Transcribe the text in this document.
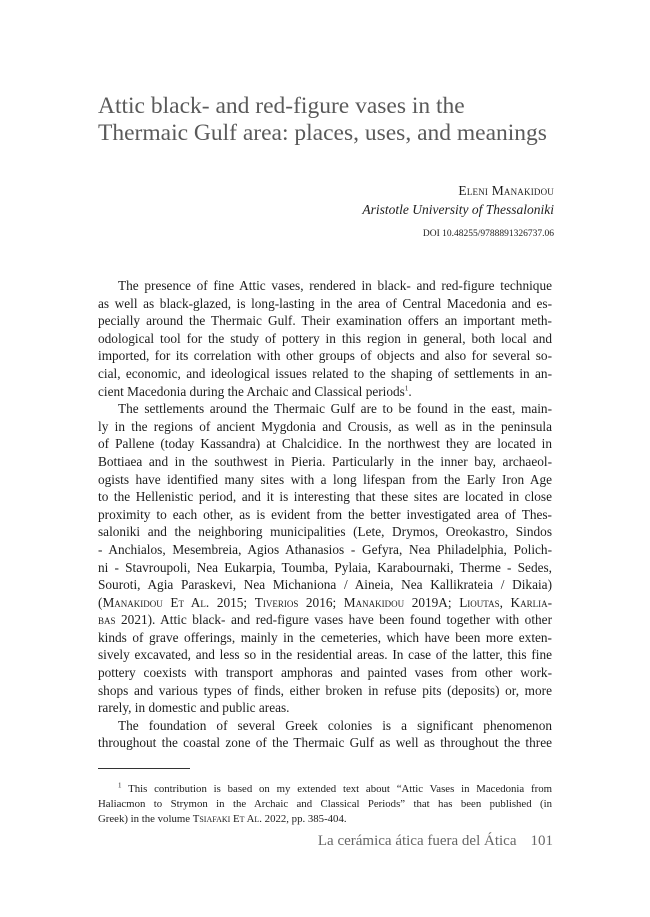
Attic black- and red-figure vases in the
Thermaic Gulf area: places, uses, and meanings
Eleni Manakidou
Aristotle University of Thessaloniki
DOI 10.48255/9788891326737.06
The presence of fine Attic vases, rendered in black- and red-figure technique
as well as black-glazed, is long-lasting in the area of Central Macedonia and es-
pecially around the Thermaic Gulf. Their examination offers an important meth-
odological tool for the study of pottery in this region in general, both local and
imported, for its correlation with other groups of objects and also for several so-
cial, economic, and ideological issues related to the shaping of settlements in an-
cient Macedonia during the Archaic and Classical periods$^1$.
The settlements around the Thermaic Gulf are to be found in the east, main-
ly in the regions of ancient Mygdonia and Crousis, as well as in the peninsula
of Pallene (today Kassandra) at Chalcidice. In the northwest they are located in
Bottiaea and in the southwest in Pieria. Particularly in the inner bay, archaeol-
ogists have identified many sites with a long lifespan from the Early Iron Age
to the Hellenistic period, and it is interesting that these sites are located in close
proximity to each other, as is evident from the better investigated area of Thes-
saloniki and the neighboring municipalities (Lete, Drymos, Oreokastro, Sindos
- Anchialos, Mesembreia, Agios Athanasios - Gefyra, Nea Philadelphia, Polich-
ni - Stavroupoli, Nea Eukarpia, Toumba, Pylaia, Karabournaki, Therme - Sedes,
Souroti, Agia Paraskevi, Nea Michaniona / Aineia, Nea Kallikrateia / Dikaia)
(Manakidou Et Al. 2015; Tiverios 2016; Manakidou 2019A; Lioutas, Karlia-
bas 2021). Attic black- and red-figure vases have been found together with other
kinds of grave offerings, mainly in the cemeteries, which have been more exten-
sively excavated, and less so in the residential areas. In case of the latter, this fine
pottery coexists with transport amphoras and painted vases from other work-
shops and various types of finds, either broken in refuse pits (deposits) or, more
rarely, in domestic and public areas.
The foundation of several Greek colonies is a significant phenomenon
throughout the coastal zone of the Thermaic Gulf as well as throughout the three
$^1$ This contribution is based on my extended text about “Attic Vases in Macedonia from
Haliacmon to Strymon in the Archaic and Classical Periods” that has been published (in
Greek) in the volume Tsiafaki Et Al. 2022, pp. 385-404.
La cerámica ática fuera del Ática 101
